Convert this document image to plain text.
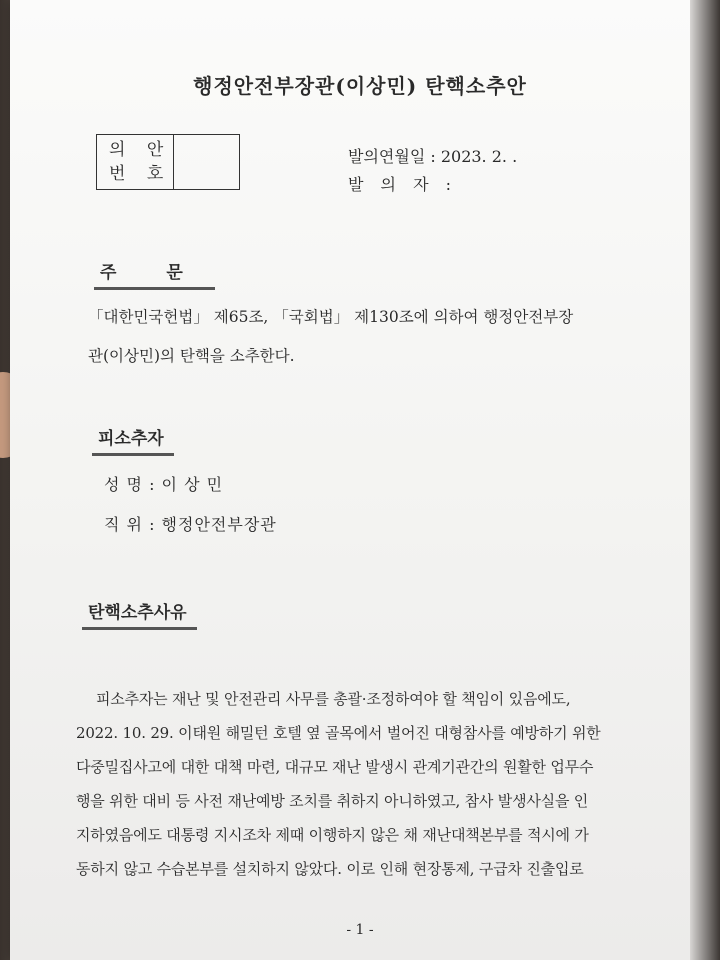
행정안전부장관(이상민) 탄핵소추안
의 안
번 호
발의연월일 : 2023. 2. .
발 의 자 :
주 문
「대한민국헌법」 제65조, 「국회법」 제130조에 의하여 행정안전부장
관(이상민)의 탄핵을 소추한다.
피소추자
성 명 : 이 상 민
직 위 : 행정안전부장관
탄핵소추사유
피소추자는 재난 및 안전관리 사무를 총괄·조정하여야 할 책임이 있음에도,
2022. 10. 29. 이태원 해밀턴 호텔 옆 골목에서 벌어진 대형참사를 예방하기 위한
다중밀집사고에 대한 대책 마련, 대규모 재난 발생시 관계기관간의 원활한 업무수
행을 위한 대비 등 사전 재난예방 조치를 취하지 아니하였고, 참사 발생사실을 인
지하였음에도 대통령 지시조차 제때 이행하지 않은 채 재난대책본부를 적시에 가
동하지 않고 수습본부를 설치하지 않았다. 이로 인해 현장통제, 구급차 진출입로
- 1 -
